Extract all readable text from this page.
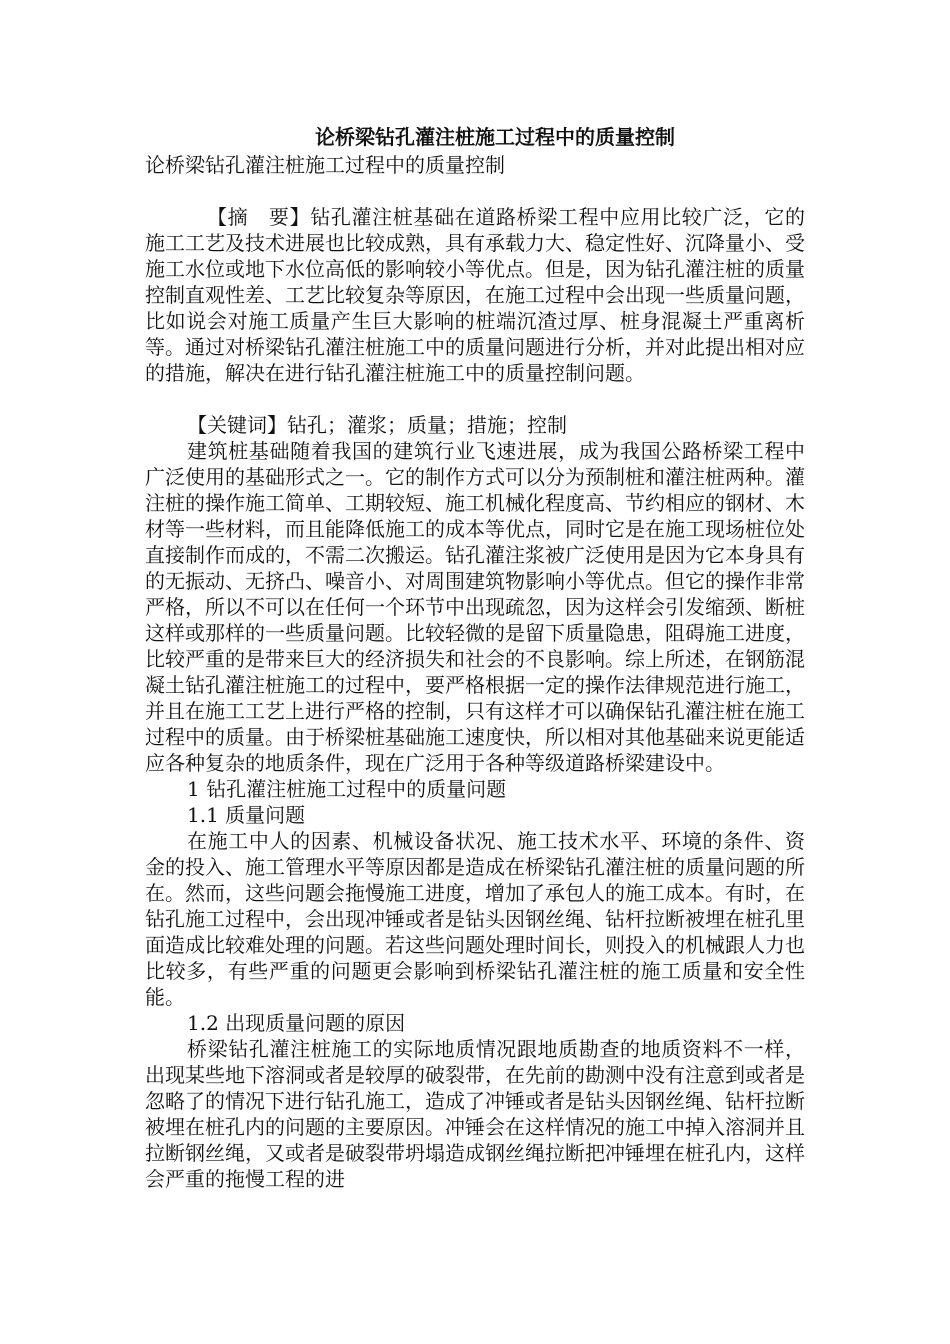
论桥梁钻孔灌注桩施工过程中的质量控制

论桥梁钻孔灌注桩施工过程中的质量控制

【摘　要】钻孔灌注桩基础在道路桥梁工程中应用比较广泛，它的施工工艺及技术进展也比较成熟，具有承载力大、稳定性好、沉降量小、受施工水位或地下水位高低的影响较小等优点。但是，因为钻孔灌注桩的质量控制直观性差、工艺比较复杂等原因，在施工过程中会出现一些质量问题，比如说会对施工质量产生巨大影响的桩端沉渣过厚、桩身混凝土严重离析等。通过对桥梁钻孔灌注桩施工中的质量问题进行分析，并对此提出相对应的措施，解决在进行钻孔灌注桩施工中的质量控制问题。

【关键词】钻孔；灌浆；质量；措施；控制

建筑桩基础随着我国的建筑行业飞速进展，成为我国公路桥梁工程中广泛使用的基础形式之一。它的制作方式可以分为预制桩和灌注桩两种。灌注桩的操作施工简单、工期较短、施工机械化程度高、节约相应的钢材、木材等一些材料，而且能降低施工的成本等优点，同时它是在施工现场桩位处直接制作而成的，不需二次搬运。钻孔灌注浆被广泛使用是因为它本身具有的无振动、无挤凸、噪音小、对周围建筑物影响小等优点。但它的操作非常严格，所以不可以在任何一个环节中出现疏忽，因为这样会引发缩颈、断桩这样或那样的一些质量问题。比较轻微的是留下质量隐患，阻碍施工进度，比较严重的是带来巨大的经济损失和社会的不良影响。综上所述，在钢筋混凝土钻孔灌注桩施工的过程中，要严格根据一定的操作法律规范进行施工，并且在施工工艺上进行严格的控制，只有这样才可以确保钻孔灌注桩在施工过程中的质量。由于桥梁桩基础施工速度快，所以相对其他基础来说更能适应各种复杂的地质条件，现在广泛用于各种等级道路桥梁建设中。

1 钻孔灌注桩施工过程中的质量问题

1.1 质量问题

在施工中人的因素、机械设备状况、施工技术水平、环境的条件、资金的投入、施工管理水平等原因都是造成在桥梁钻孔灌注桩的质量问题的所在。然而，这些问题会拖慢施工进度，增加了承包人的施工成本。有时，在钻孔施工过程中，会出现冲锤或者是钻头因钢丝绳、钻杆拉断被埋在桩孔里面造成比较难处理的问题。若这些问题处理时间长，则投入的机械跟人力也比较多，有些严重的问题更会影响到桥梁钻孔灌注桩的施工质量和安全性能。

1.2 出现质量问题的原因

桥梁钻孔灌注桩施工的实际地质情况跟地质勘查的地质资料不一样，出现某些地下溶洞或者是较厚的破裂带，在先前的勘测中没有注意到或者是忽略了的情况下进行钻孔施工，造成了冲锤或者是钻头因钢丝绳、钻杆拉断被埋在桩孔内的问题的主要原因。冲锤会在这样情况的施工中掉入溶洞并且拉断钢丝绳，又或者是破裂带坍塌造成钢丝绳拉断把冲锤埋在桩孔内，这样会严重的拖慢工程的进
